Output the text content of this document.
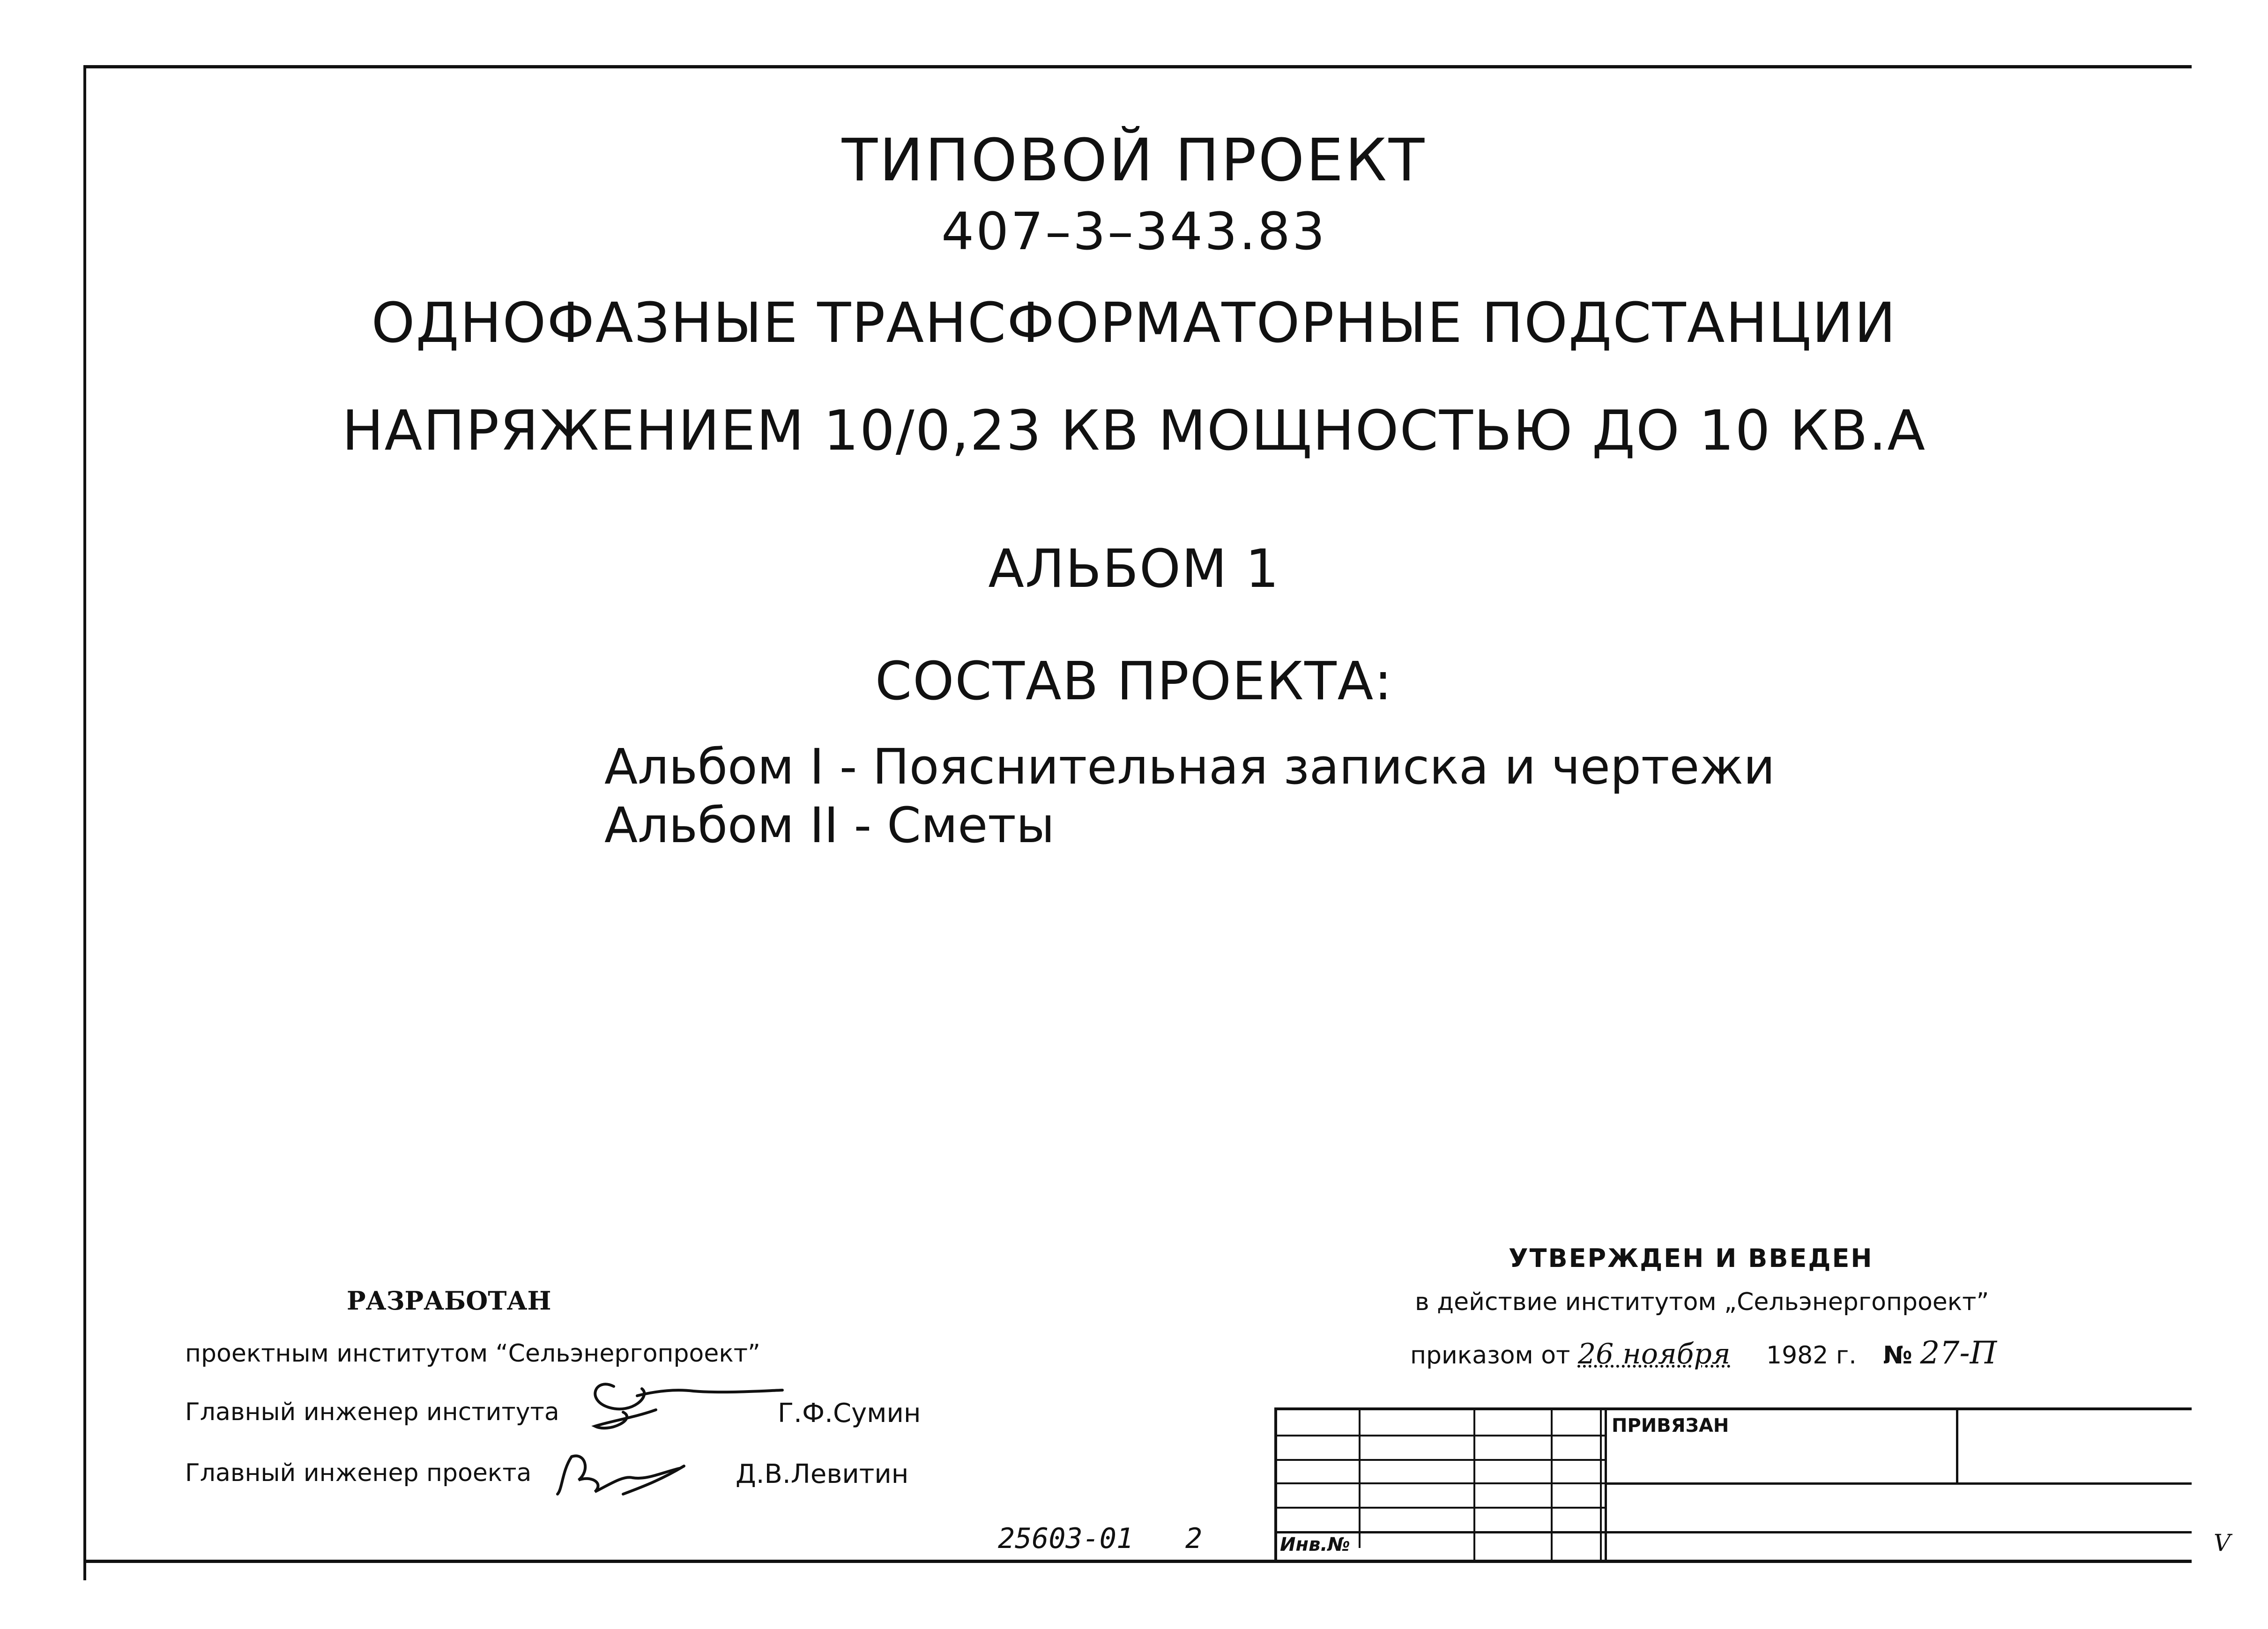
ТИПОВОЙ ПРОЕКТ
407–3–343.83
ОДНОФАЗНЫЕ ТРАНСФОРМАТОРНЫЕ ПОДСТАНЦИИ
НАПРЯЖЕНИЕМ 10/0,23 КВ МОЩНОСТЬЮ ДО 10 КВ.А
АЛЬБОМ 1
СОСТАВ ПРОЕКТА:
Альбом I - Пояснительная записка и чертежи
Альбом II - Сметы
РАЗРАБОТАН
проектным институтом “Сельэнергопроект”
Главный инженер института	Г.Ф.Сумин
Главный инженер проекта	Д.В.Левитин
УТВЕРЖДЕН И ВВЕДЕН
в действие институтом „Сельэнергопроект”
приказом от 26 ноября 1982 г. № 27-П
25603-01 2
ПРИВЯЗАН
Инв.№	V
